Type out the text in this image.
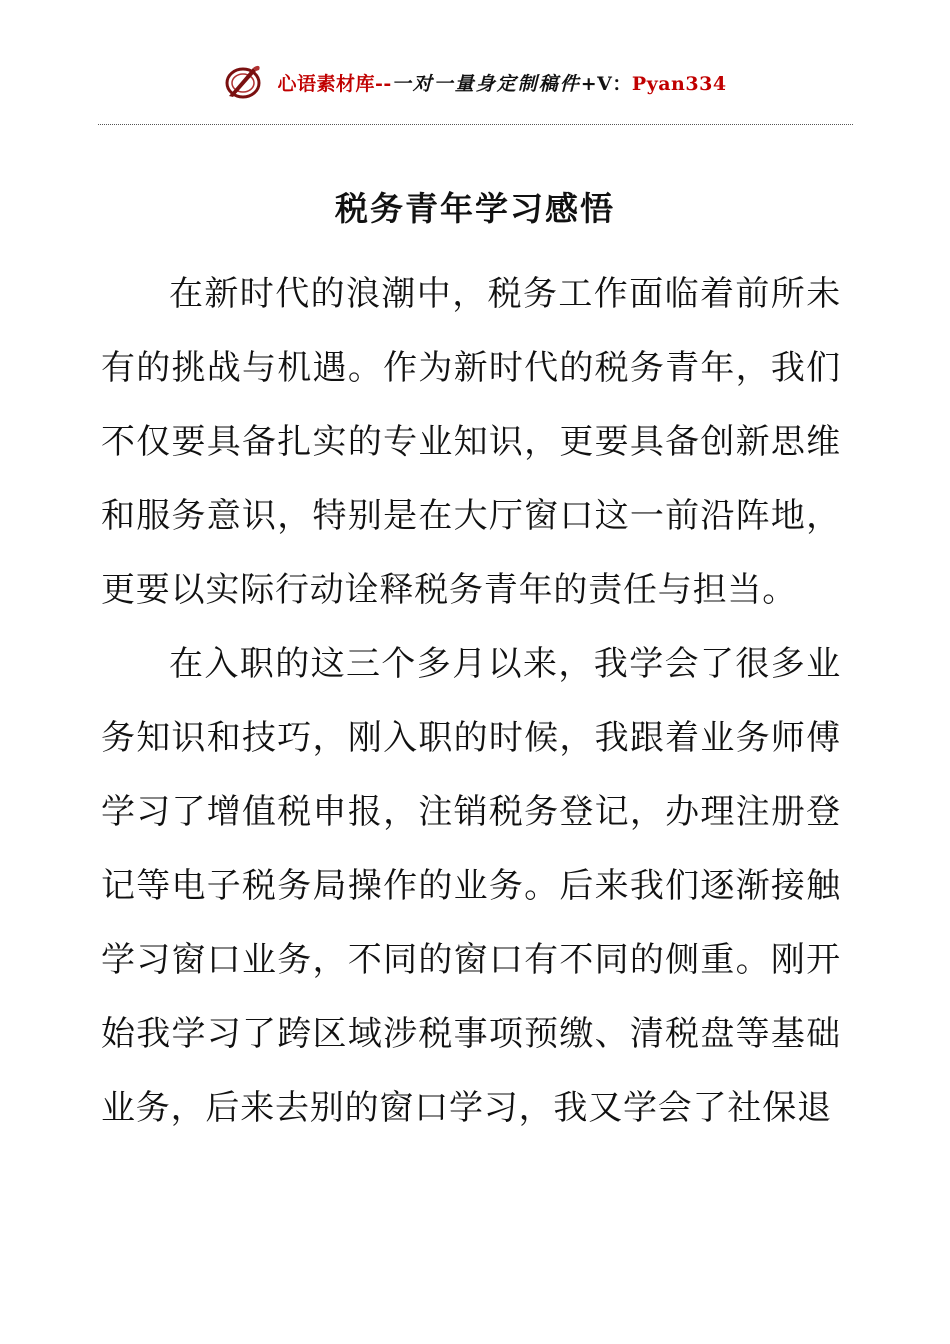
心语素材库--一对一量身定制稿件+V：Pyan334
税务青年学习感悟

在新时代的浪潮中，税务工作面临着前所未有的挑战与机遇。作为新时代的税务青年，我们不仅要具备扎实的专业知识，更要具备创新思维和服务意识，特别是在大厅窗口这一前沿阵地，更要以实际行动诠释税务青年的责任与担当。

在入职的这三个多月以来，我学会了很多业务知识和技巧，刚入职的时候，我跟着业务师傅学习了增值税申报，注销税务登记，办理注册登记等电子税务局操作的业务。后来我们逐渐接触学习窗口业务，不同的窗口有不同的侧重。刚开始我学习了跨区域涉税事项预缴、清税盘等基础业务，后来去别的窗口学习，我又学会了社保退
